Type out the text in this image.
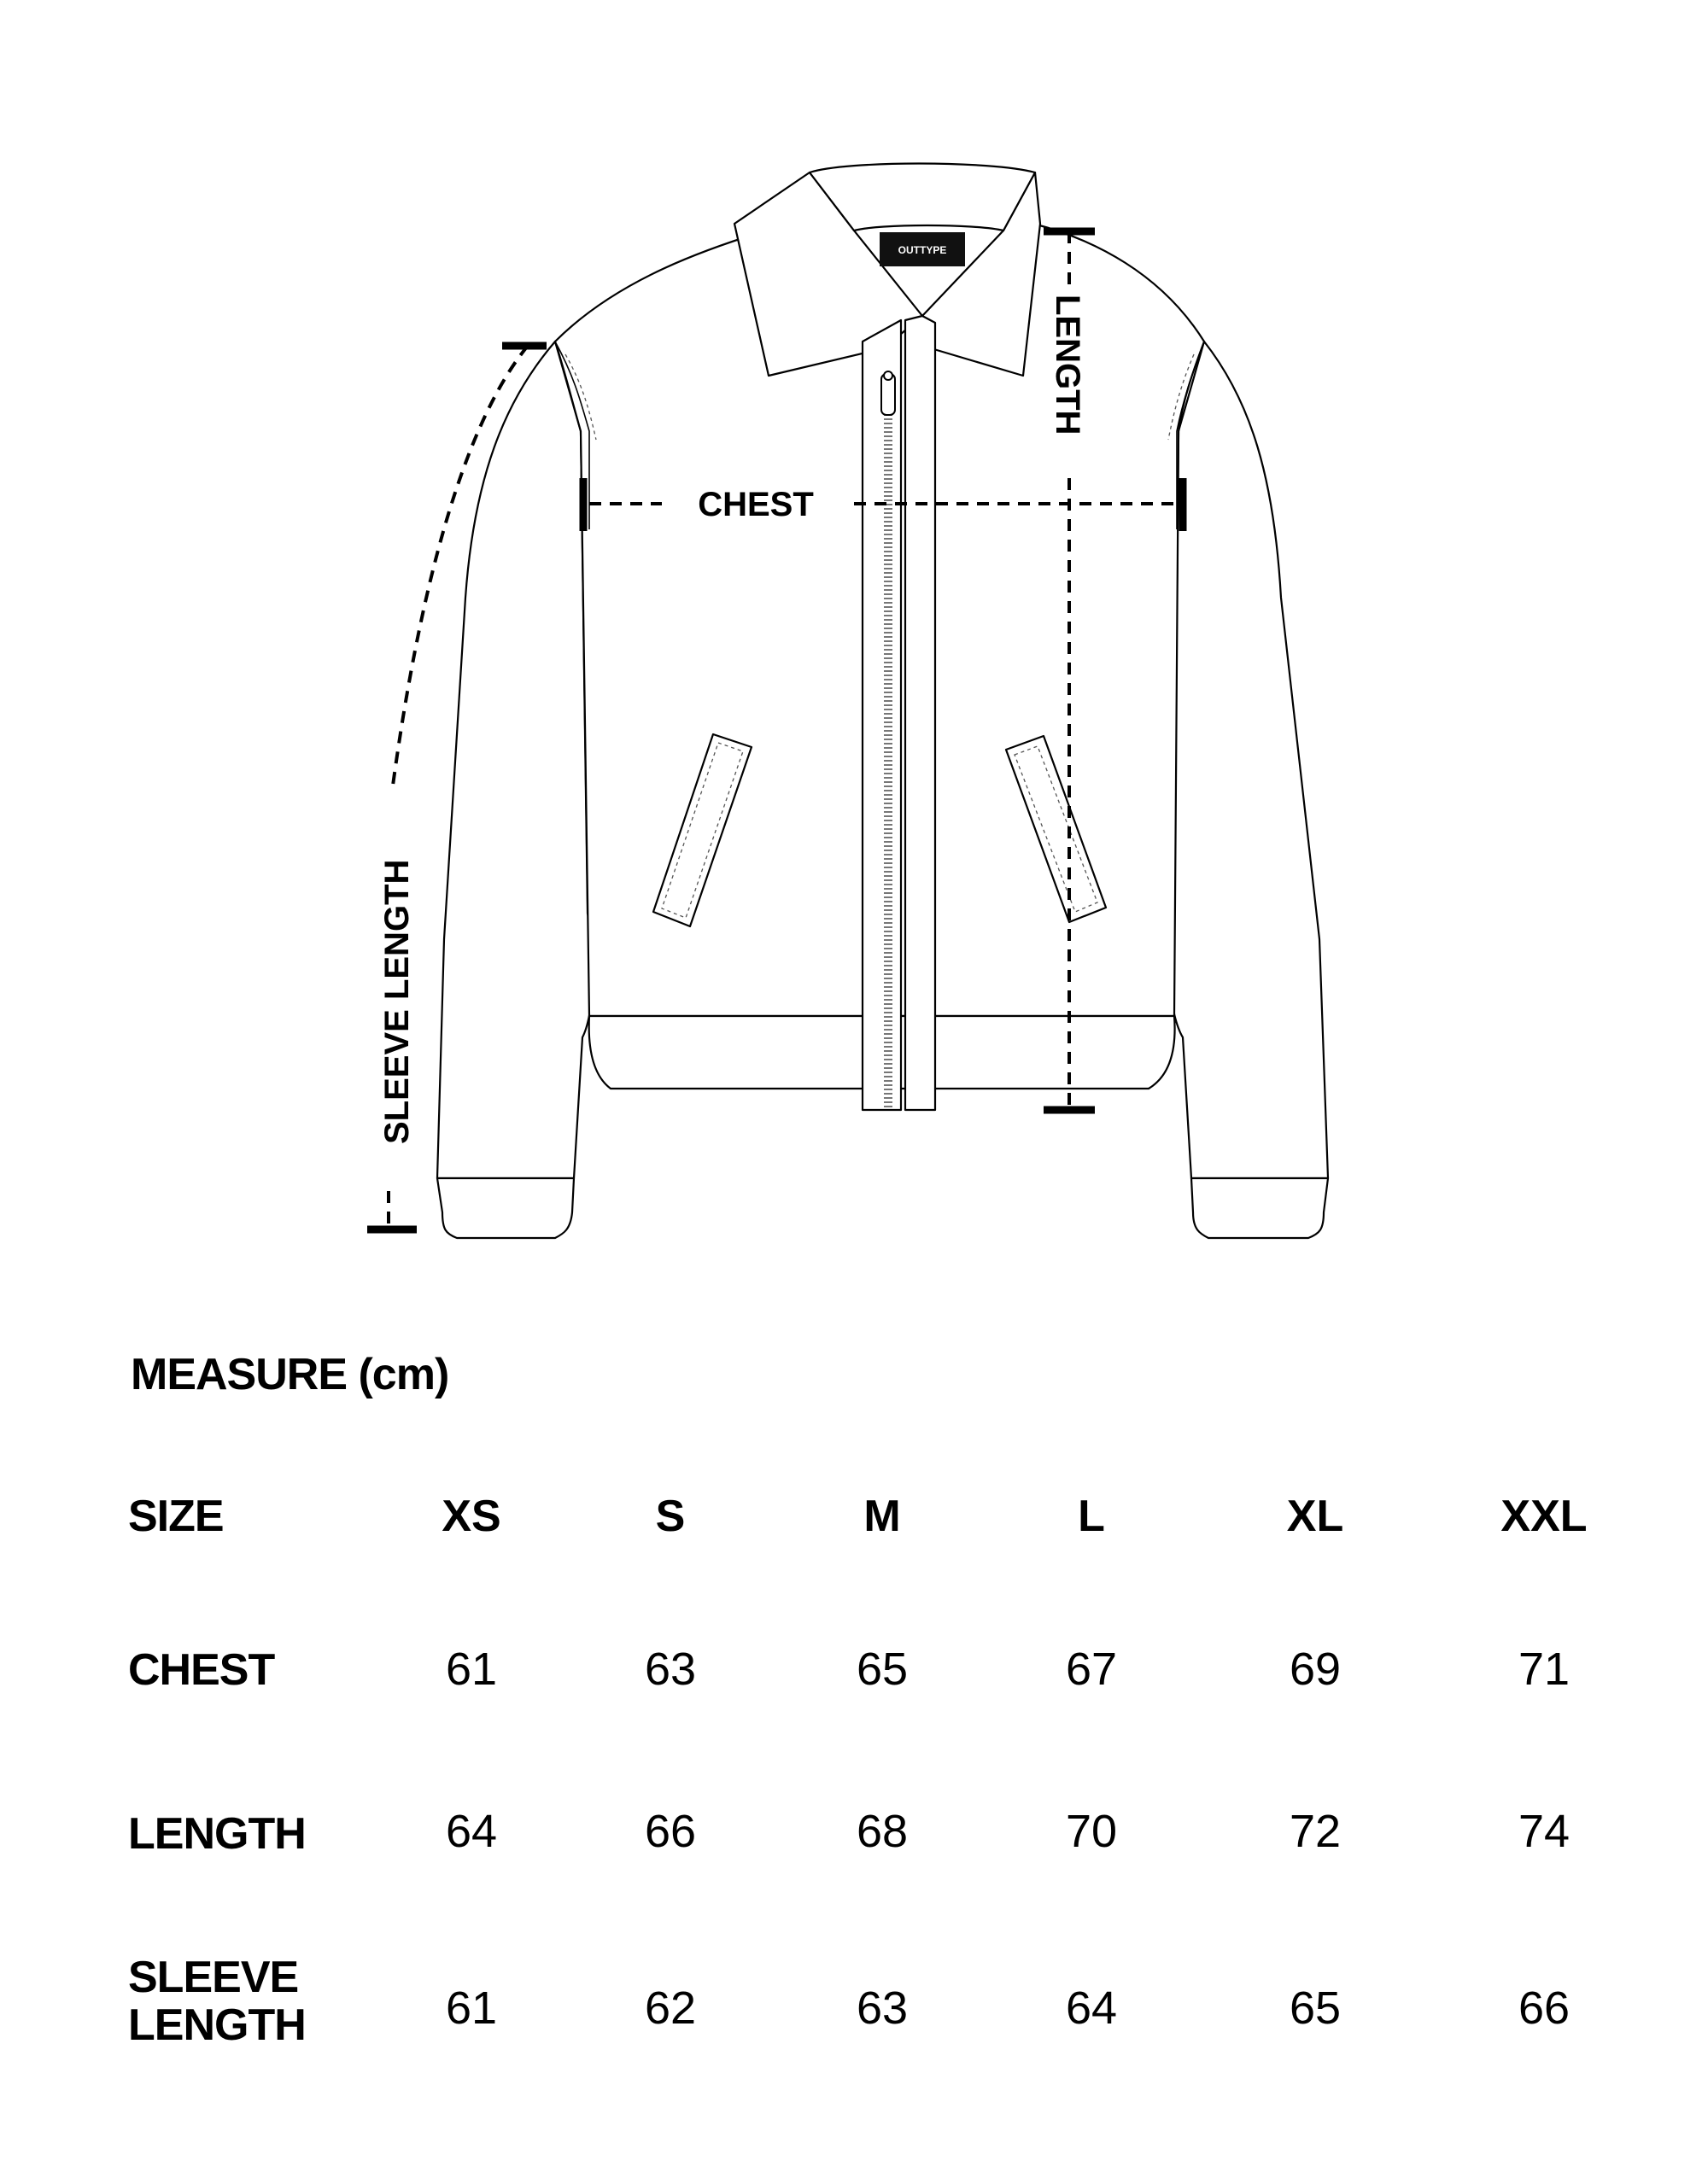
OUTTYPE
CHEST
LENGTH
SLEEVE LENGTH
MEASURE (cm)
SIZE	XS	S	M	L	XL	XXL
CHEST	61	63	65	67	69	71
LENGTH	64	66	68	70	72	74
SLEEVE
LENGTH	61	62	63	64	65	66
